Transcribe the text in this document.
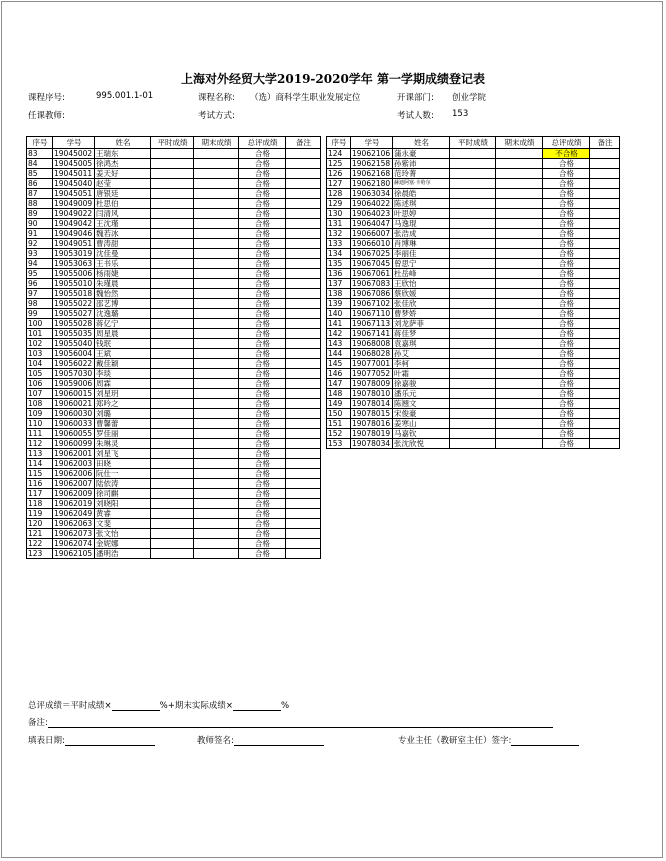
上海对外经贸大学2019-2020学年 第一学期成绩登记表
课程序号:	995.001.1-01	课程名称: （选）商科学生职业发展定位	开课部门: 创业学院
任课教师:	考试方式:	考试人数: 153
序号	学号	姓名	平时成绩	期末成绩	总评成绩	备注
83	19045002	王瑞东			合格	
84	19045005	徐鸿杰			合格	
85	19045011	姜天好			合格	
86	19045040	赵莹			合格	
87	19045051	唐银廷			合格	
88	19049009	杜思伯			合格	
89	19049022	闫清风			合格	
90	19049042	王沈瑾			合格	
91	19049046	魏若冰			合格	
92	19049051	曹涛甜			合格	
93	19053019	沈佳曼			合格	
94	19053063	王书乐			合格	
95	19055006	杨雨婕			合格	
96	19055010	朱瑾晨			合格	
97	19055018	魏怡然			合格	
98	19055022	邵艺博			合格	
99	19055027	沈逸璐			合格	
100	19055028	蒋亿宁			合格	
101	19055035	周星晨			合格	
102	19055040	钱珉			合格	
103	19056004	王斌			合格	
104	19056022	戴佳颖			合格	
105	19057030	李琰			合格	
106	19059006	周霖			合格	
107	19060015	刘星玥			合格	
108	19060021	郑吟之			合格	
109	19060030	刘璐			合格	
110	19060033	曹馨蕾			合格	
111	19060055	罗佳丽			合格	
112	19060099	朱琳灵			合格	
113	19062001	刘星飞			合格	
114	19062003	田晓			合格	
115	19062006	阮仕一			合格	
116	19062007	陆依涛			合格	
117	19062009	徐司麒			合格	
118	19062019	刘晓阳			合格	
119	19062049	黄睿			合格	
120	19062063	文斐			合格	
121	19062073	张文怡			合格	
122	19062074	金妮娜			合格	
123	19062105	潘明浩			合格	
序号	学号	姓名	平时成绩	期末成绩	总评成绩	备注
124	19062106	蒲永豪			不合格	
125	19062158	孙紫沛			合格	
126	19062168	范玲菁			合格	
127	19062180	赫迪阿塞·卡哈尔			合格	
128	19063034	徐晨皓			合格	
129	19064022	陈述琪			合格	
130	19064023	叶思婷			合格	
131	19064047	马逸琨			合格	
132	19066007	张浩成			合格	
133	19066010	肖博琳			合格	
134	19067025	李丽佳			合格	
135	19067045	曾思宁			合格	
136	19067061	杜岳峰			合格	
137	19067083	王欣怡			合格	
138	19067086	蔡欣媛			合格	
139	19067102	张佳欣			合格	
140	19067110	曹梦娇			合格	
141	19067113	刘龙萨菲			合格	
142	19067141	蒋佳梦			合格	
143	19068008	袁嘉琪			合格	
144	19068028	孙艾			合格	
145	19077001	李柯			合格	
146	19077052	叶霜			合格	
147	19078009	徐嘉骏			合格	
148	19078010	潘乐元			合格	
149	19078014	陈翘文			合格	
150	19078015	宋俊豪			合格	
151	19078016	姜寒山			合格	
152	19078019	马嘉钦			合格	
153	19078034	张沈欣悦			合格	
总评成绩＝平时成绩×	%+期末实际成绩×	%
备注:
填表日期:	教师签名:	专业主任（教研室主任）签字:
